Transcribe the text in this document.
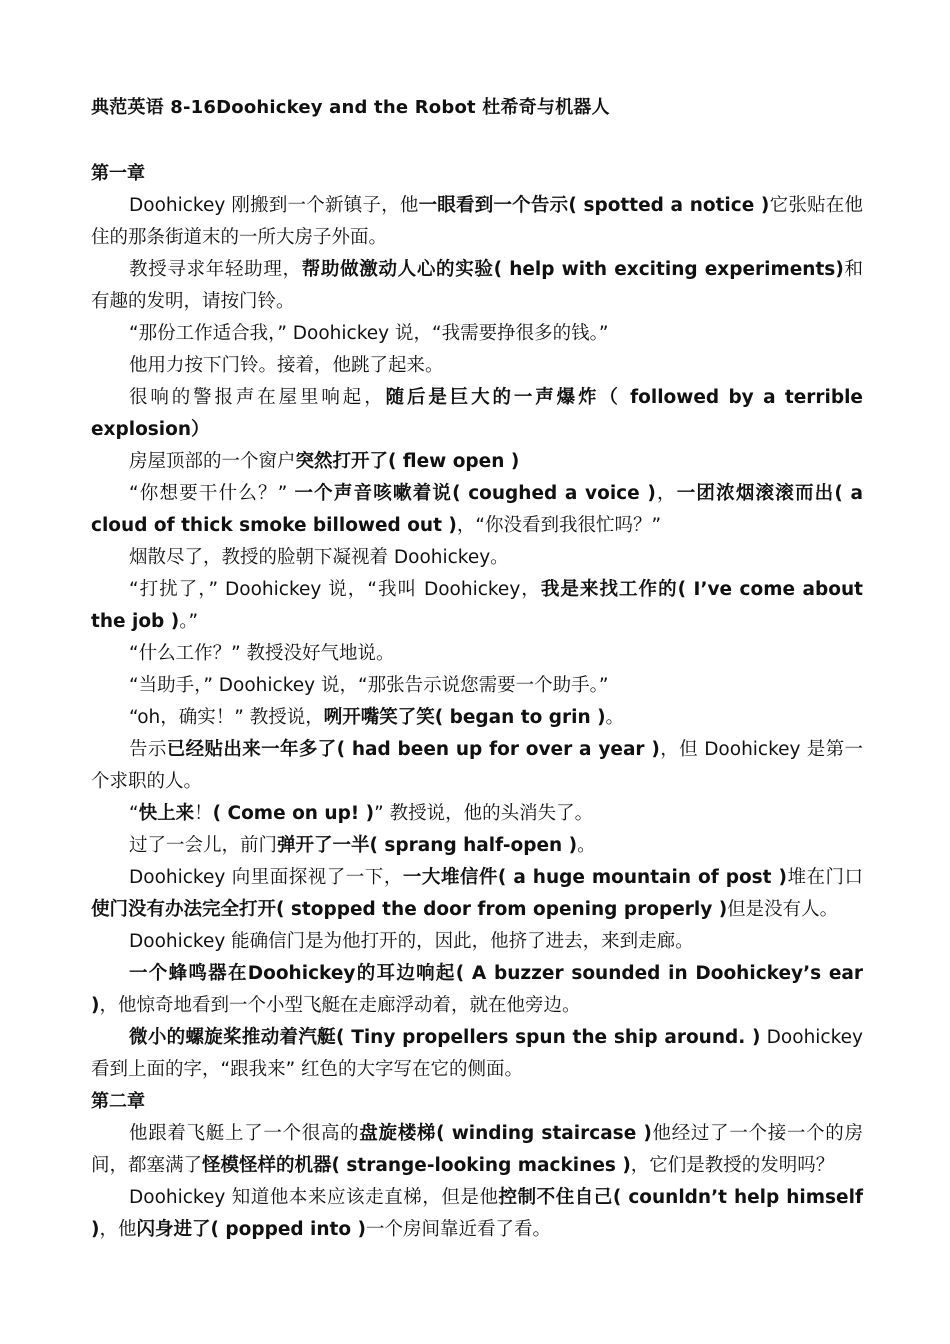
典范英语 8-16Doohickey and the Robot 杜希奇与机器人
第一章

Doohickey 刚搬到一个新镇子，他一眼看到一个告示( spotted a notice )它张贴在他住的那条街道末的一所大房子外面。

教授寻求年轻助理，帮助做激动人心的实验( help with exciting experiments)和有趣的发明，请按门铃。

“那份工作适合我，” Doohickey 说，“我需要挣很多的钱。”

他用力按下门铃。接着，他跳了起来。

很响的警报声在屋里响起，随后是巨大的一声爆炸（ followed by a terrible explosion）

房屋顶部的一个窗户突然打开了( flew open )

“你想要干什么？” 一个声音咳嗽着说( coughed a voice )，一团浓烟滚滚而出( a cloud of thick smoke billowed out )，“你没看到我很忙吗？”

烟散尽了，教授的脸朝下凝视着 Doohickey。

“打扰了，” Doohickey 说，“我叫 Doohickey，我是来找工作的( I’ve come about the job )。”

“什么工作？” 教授没好气地说。

“当助手，” Doohickey 说，“那张告示说您需要一个助手。”

“oh，确实！” 教授说，咧开嘴笑了笑( began to grin )。

告示已经贴出来一年多了( had been up for over a year )，但 Doohickey 是第一个求职的人。

“快上来！( Come on up! )” 教授说，他的头消失了。

过了一会儿，前门弹开了一半( sprang half-open )。

Doohickey 向里面探视了一下，一大堆信件( a huge mountain of post )堆在门口使门没有办法完全打开( stopped the door from opening properly )但是没有人。

Doohickey 能确信门是为他打开的，因此，他挤了进去，来到走廊。

一个蜂鸣器在Doohickey的耳边响起( A buzzer sounded in Doohickey’s ear )，他惊奇地看到一个小型飞艇在走廊浮动着，就在他旁边。

微小的螺旋桨推动着汽艇( Tiny propellers spun the ship around. ) Doohickey 看到上面的字，“跟我来” 红色的大字写在它的侧面。

第二章

他跟着飞艇上了一个很高的盘旋楼梯( winding staircase )他经过了一个接一个的房间，都塞满了怪模怪样的机器( strange-looking mackines )，它们是教授的发明吗？

Doohickey 知道他本来应该走直梯，但是他控制不住自己( counldn’t help himself )，他闪身进了( popped into )一个房间靠近看了看。
